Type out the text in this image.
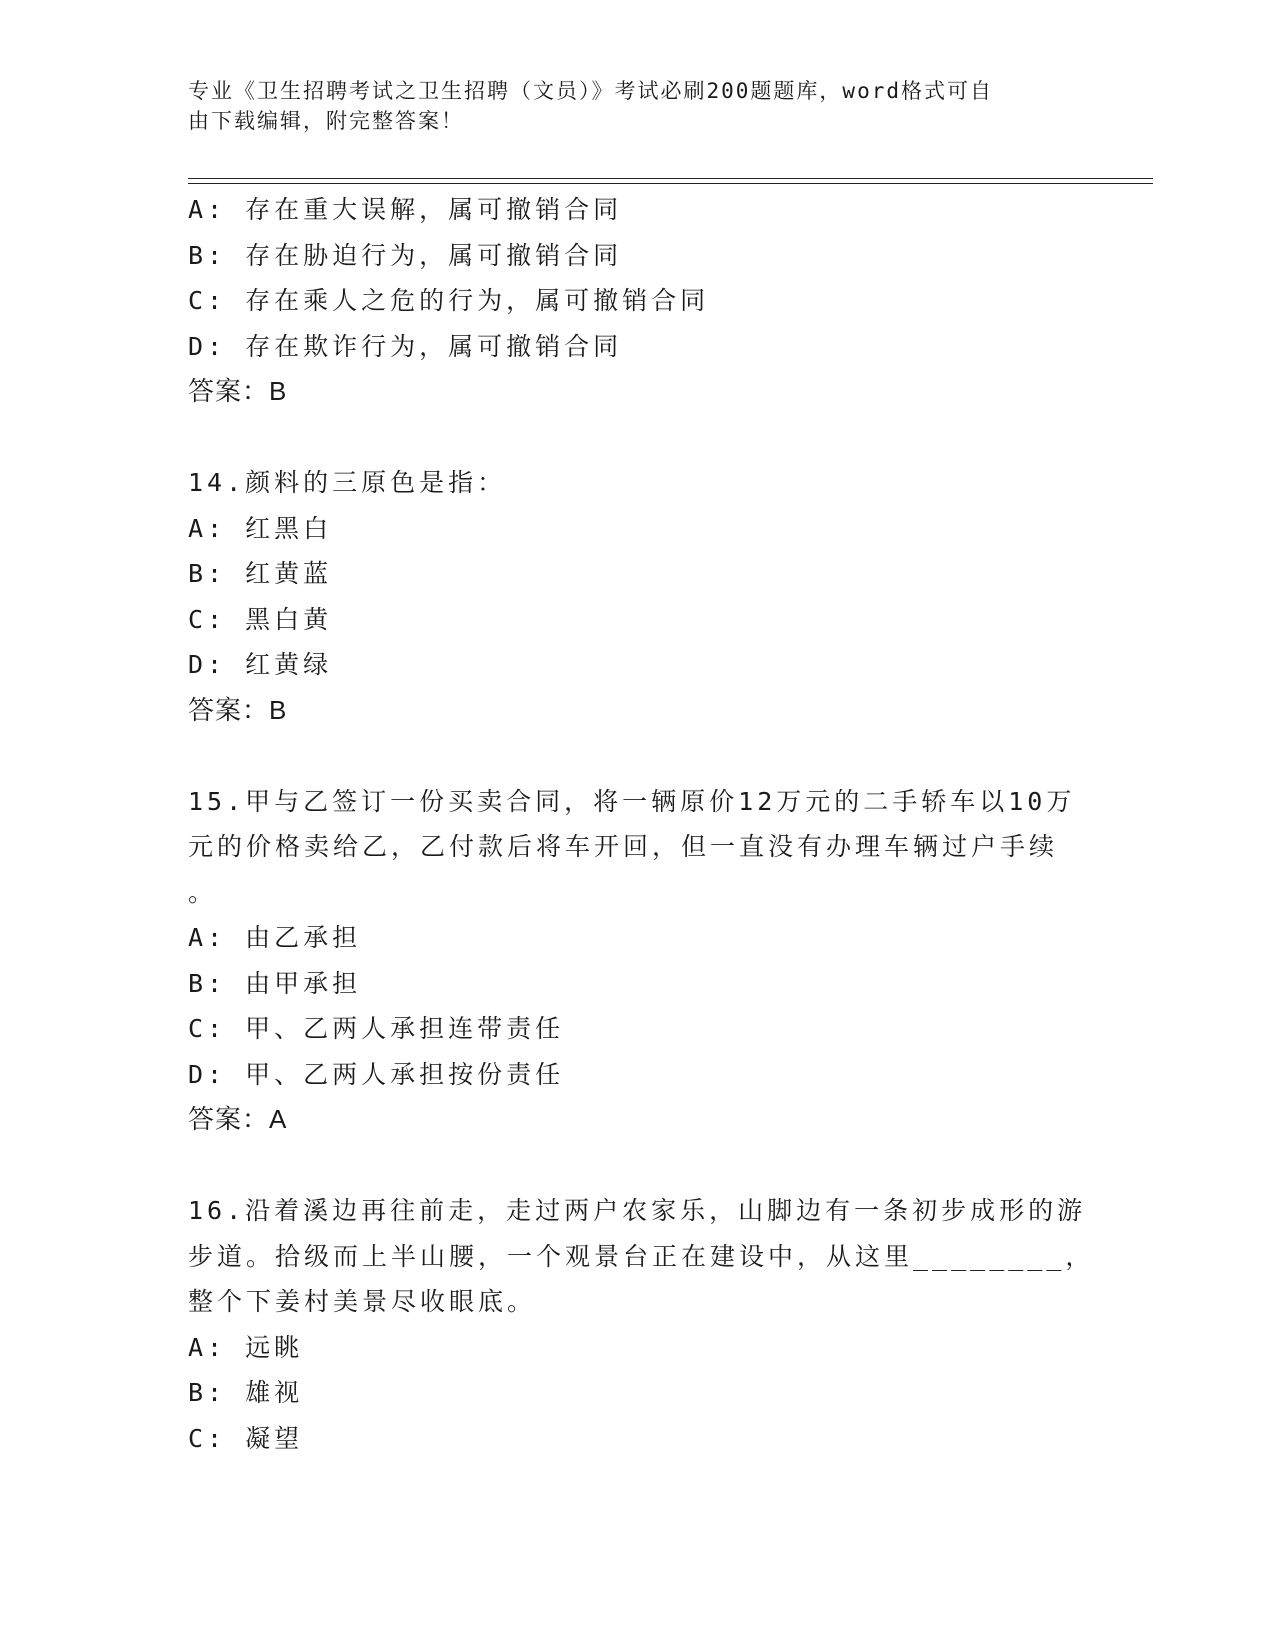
专业《卫生招聘考试之卫生招聘（文员）》考试必刷200题题库，word格式可自
由下载编辑，附完整答案！
A: 存在重大误解，属可撤销合同
B: 存在胁迫行为，属可撤销合同
C: 存在乘人之危的行为，属可撤销合同
D: 存在欺诈行为，属可撤销合同
答案：B
14.颜料的三原色是指：
A: 红黑白
B: 红黄蓝
C: 黑白黄
D: 红黄绿
答案：B
15.甲与乙签订一份买卖合同，将一辆原价12万元的二手轿车以10万
元的价格卖给乙，乙付款后将车开回，但一直没有办理车辆过户手续
。
A: 由乙承担
B: 由甲承担
C: 甲、乙两人承担连带责任
D: 甲、乙两人承担按份责任
答案：A
16.沿着溪边再往前走，走过两户农家乐，山脚边有一条初步成形的游
步道。拾级而上半山腰，一个观景台正在建设中，从这里________，
整个下姜村美景尽收眼底。
A: 远眺
B: 雄视
C: 凝望
